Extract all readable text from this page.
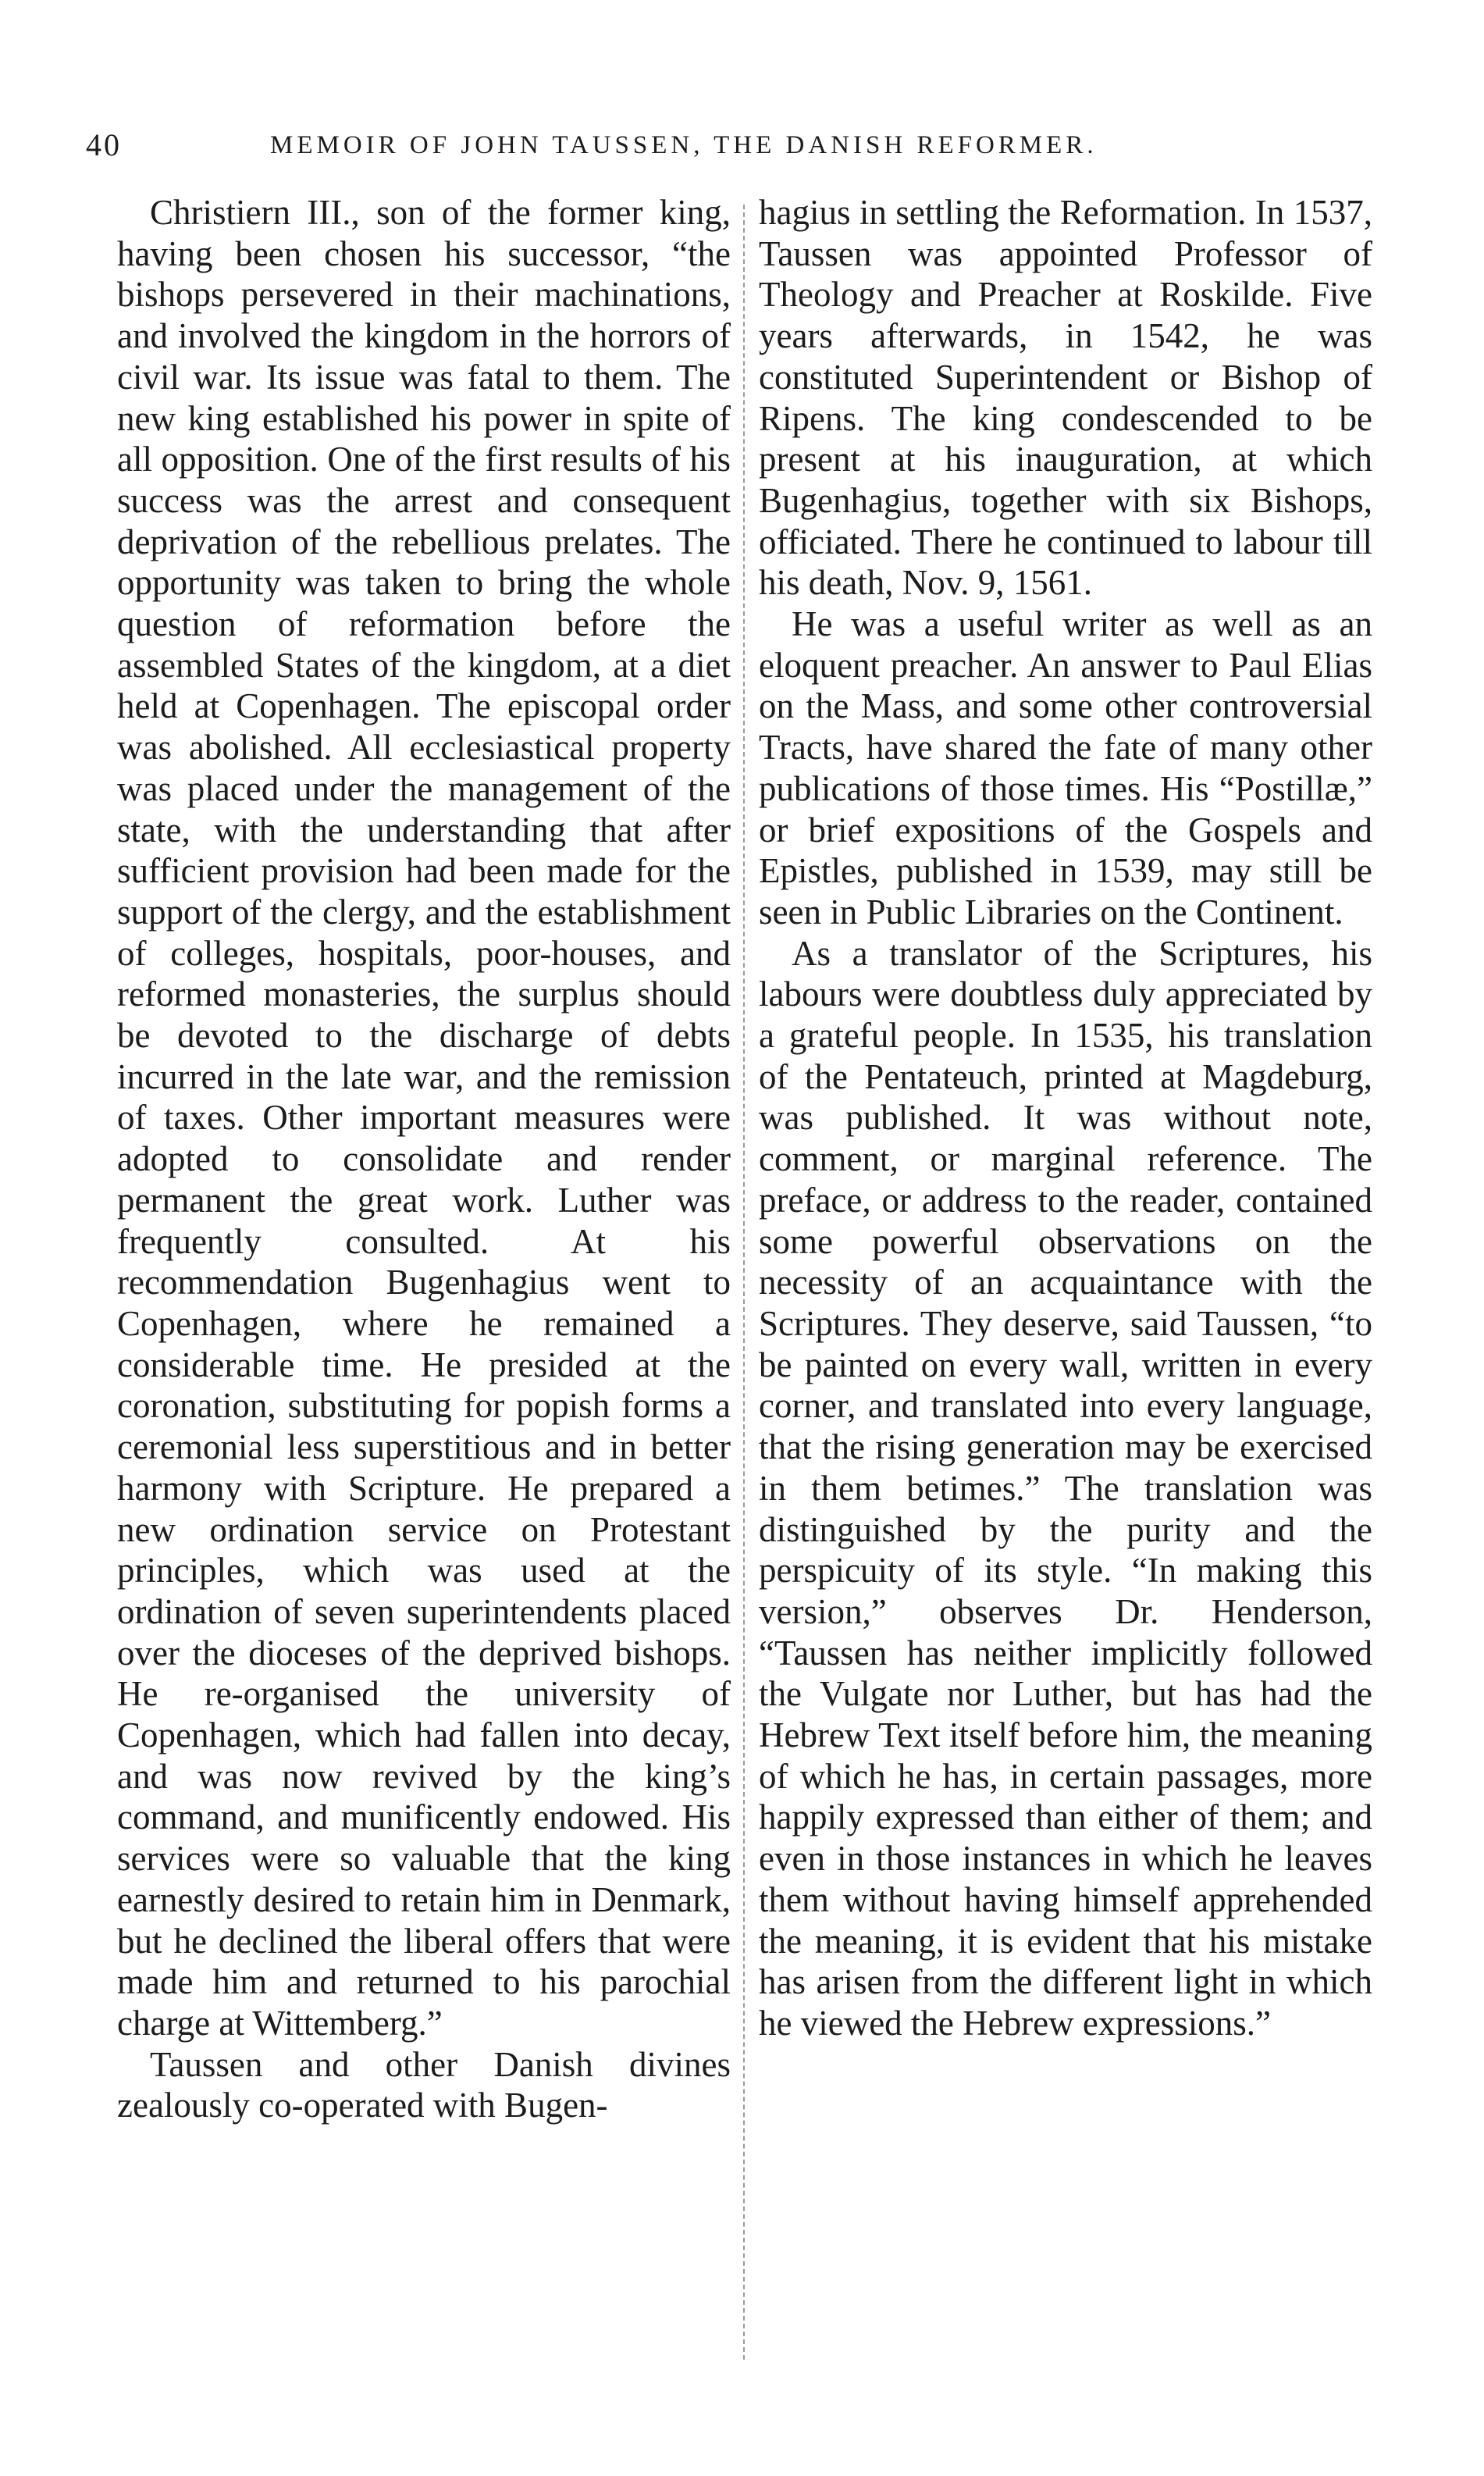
40	MEMOIR OF JOHN TAUSSEN, THE DANISH REFORMER.

Christiern III., son of the former king, having been chosen his successor, “the bishops persevered in their machinations, and involved the kingdom in the horrors of civil war. Its issue was fatal to them. The new king established his power in spite of all opposition. One of the first results of his success was the arrest and consequent deprivation of the rebellious prelates. The opportunity was taken to bring the whole question of reformation before the assembled States of the kingdom, at a diet held at Copenhagen. The episcopal order was abolished. All ecclesiastical property was placed under the management of the state, with the understanding that after sufficient provision had been made for the support of the clergy, and the establishment of colleges, hospitals, poor-houses, and reformed monasteries, the surplus should be devoted to the discharge of debts incurred in the late war, and the remission of taxes. Other important measures were adopted to consolidate and render permanent the great work. Luther was frequently consulted. At his recommendation Bugenhagius went to Copenhagen, where he remained a considerable time. He presided at the coronation, substituting for popish forms a ceremonial less superstitious and in better harmony with Scripture. He prepared a new ordination service on Protestant principles, which was used at the ordination of seven superintendents placed over the dioceses of the deprived bishops. He re-organised the university of Copenhagen, which had fallen into decay, and was now revived by the king’s command, and munificently endowed. His services were so valuable that the king earnestly desired to retain him in Denmark, but he declined the liberal offers that were made him and returned to his parochial charge at Wittemberg.”

Taussen and other Danish divines zealously co-operated with Bugen-

hagius in settling the Reformation. In 1537, Taussen was appointed Professor of Theology and Preacher at Roskilde. Five years afterwards, in 1542, he was constituted Superintendent or Bishop of Ripens. The king condescended to be present at his inauguration, at which Bugenhagius, together with six Bishops, officiated. There he continued to labour till his death, Nov. 9, 1561.

He was a useful writer as well as an eloquent preacher. An answer to Paul Elias on the Mass, and some other controversial Tracts, have shared the fate of many other publications of those times. His “Postillæ,” or brief expositions of the Gospels and Epistles, published in 1539, may still be seen in Public Libraries on the Continent.

As a translator of the Scriptures, his labours were doubtless duly appreciated by a grateful people. In 1535, his translation of the Pentateuch, printed at Magdeburg, was published. It was without note, comment, or marginal reference. The preface, or address to the reader, contained some powerful observations on the necessity of an acquaintance with the Scriptures. They deserve, said Taussen, “to be painted on every wall, written in every corner, and translated into every language, that the rising generation may be exercised in them betimes.” The translation was distinguished by the purity and the perspicuity of its style. “In making this version,” observes Dr. Henderson, “Taussen has neither implicitly followed the Vulgate nor Luther, but has had the Hebrew Text itself before him, the meaning of which he has, in certain passages, more happily expressed than either of them; and even in those instances in which he leaves them without having himself apprehended the meaning, it is evident that his mistake has arisen from the different light in which he viewed the Hebrew expressions.”
